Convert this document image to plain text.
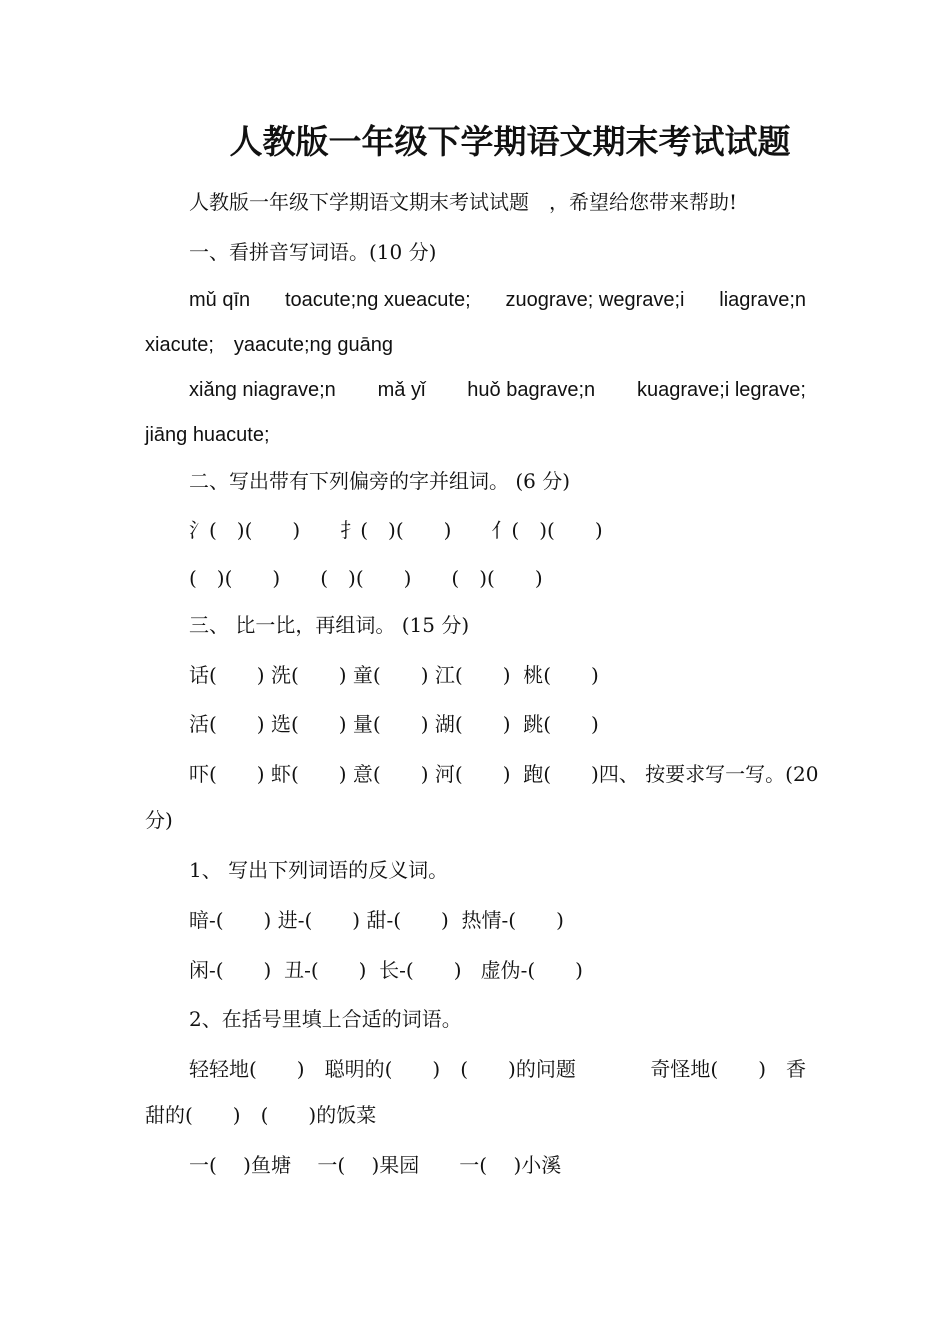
人教版一年级下学期语文期末考试试题

人教版一年级下学期语文期末考试试题　，希望给您带来帮助!

一、看拼音写词语。(10 分)

mǔ qīn toacute;ng xueacute; zuograve; wegrave;i liagrave;n

xiacute;　yaacute;ng guāng

xiǎng niagrave;n mǎ yǐ huǒ bagrave;n kuagrave;i legrave;

jiāng huacute;

二、写出带有下列偏旁的字并组词。 (6 分)

氵(　)(　　)　　扌(　)(　　)　　亻(　)(　　)

(　)(　　)　　(　)(　　)　　(　)(　　)

三、 比一比，再组词。 (15 分)

话(　　) 洗(　　) 童(　　) 江(　　)  桃(　　)

活(　　) 选(　　) 量(　　) 湖(　　)  跳(　　)

吓(　　) 虾(　　) 意(　　) 河(　　)  跑(　　)四、 按要求写一写。(20

分)

1、 写出下列词语的反义词。

暗-(　　) 进-(　　) 甜-(　　)  热情-(　　)

闲-(　　)  丑-(　　)  长-(　　)   虚伪-(　　)

2、在括号里填上合适的词语。

轻轻地(　　)　聪明的(　　)　(　　)的问题	奇怪地(　　)　香

甜的(　　)　(　　)的饭菜

一(　 )鱼塘　 一(　 )果园　　一(　 )小溪
